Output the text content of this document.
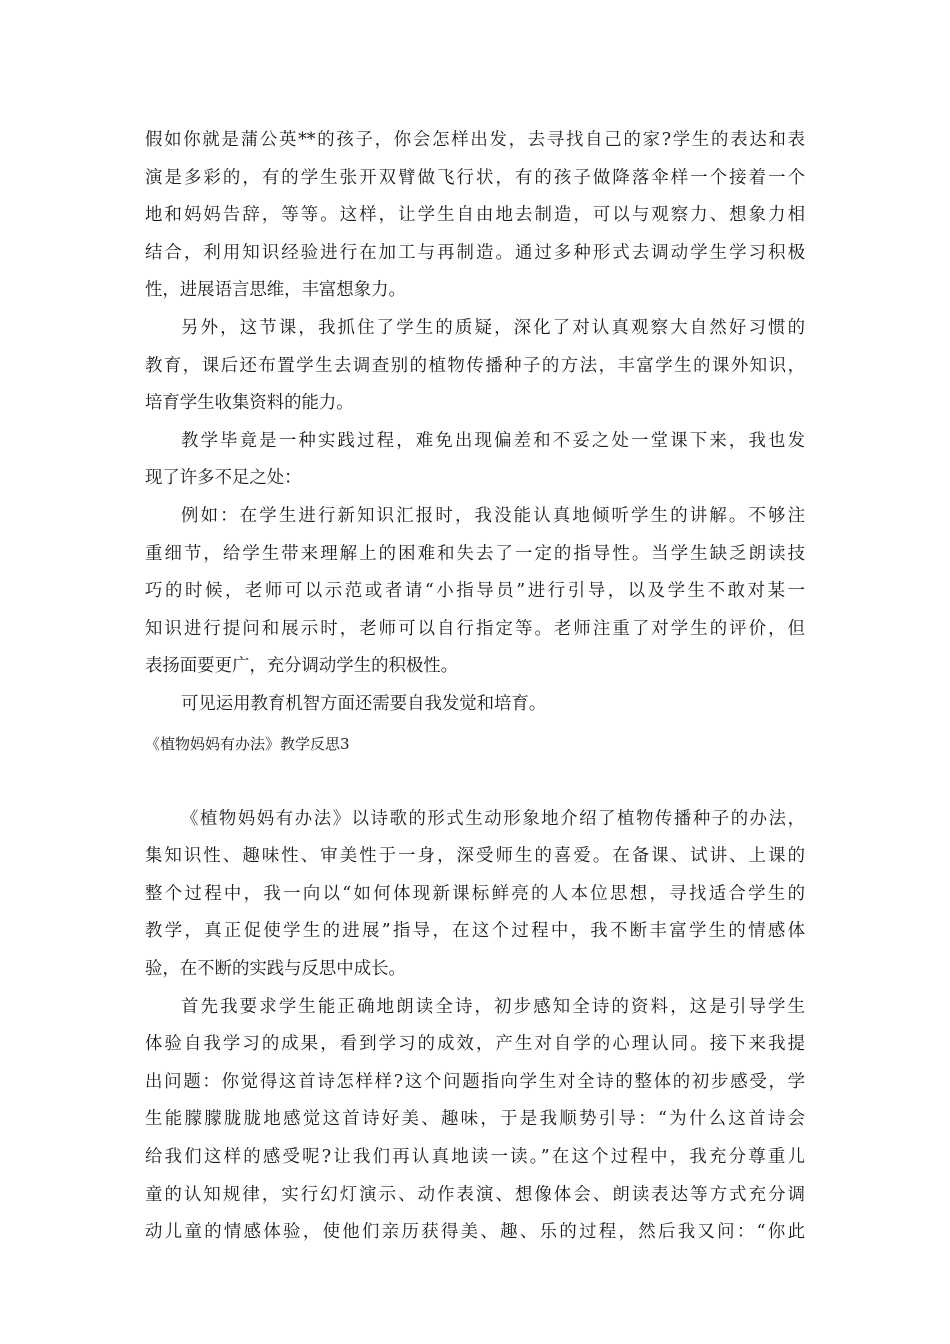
假如你就是蒲公英**的孩子，你会怎样出发，去寻找自己的家?学生的表达和表
演是多彩的，有的学生张开双臂做飞行状，有的孩子做降落伞样一个接着一个
地和妈妈告辞，等等。这样，让学生自由地去制造，可以与观察力、想象力相
结合，利用知识经验进行在加工与再制造。通过多种形式去调动学生学习积极
性，进展语言思维，丰富想象力。
另外，这节课，我抓住了学生的质疑，深化了对认真观察大自然好习惯的
教育，课后还布置学生去调查别的植物传播种子的方法，丰富学生的课外知识，
培育学生收集资料的能力。
教学毕竟是一种实践过程，难免出现偏差和不妥之处一堂课下来，我也发
现了许多不足之处：
例如：在学生进行新知识汇报时，我没能认真地倾听学生的讲解。不够注
重细节，给学生带来理解上的困难和失去了一定的指导性。当学生缺乏朗读技
巧的时候，老师可以示范或者请“小指导员”进行引导，以及学生不敢对某一
知识进行提问和展示时，老师可以自行指定等。老师注重了对学生的评价，但
表扬面要更广，充分调动学生的积极性。
可见运用教育机智方面还需要自我发觉和培育。
《植物妈妈有办法》教学反思3
《植物妈妈有办法》以诗歌的形式生动形象地介绍了植物传播种子的办法，
集知识性、趣味性、审美性于一身，深受师生的喜爱。在备课、试讲、上课的
整个过程中，我一向以“如何体现新课标鲜亮的人本位思想，寻找适合学生的
教学，真正促使学生的进展”指导，在这个过程中，我不断丰富学生的情感体
验，在不断的实践与反思中成长。
首先我要求学生能正确地朗读全诗，初步感知全诗的资料，这是引导学生
体验自我学习的成果，看到学习的成效，产生对自学的心理认同。接下来我提
出问题：你觉得这首诗怎样样?这个问题指向学生对全诗的整体的初步感受，学
生能朦朦胧胧地感觉这首诗好美、趣味，于是我顺势引导：“为什么这首诗会
给我们这样的感受呢?让我们再认真地读一读。”在这个过程中，我充分尊重儿
童的认知规律，实行幻灯演示、动作表演、想像体会、朗读表达等方式充分调
动儿童的情感体验，使他们亲历获得美、趣、乐的过程，然后我又问：“你此
